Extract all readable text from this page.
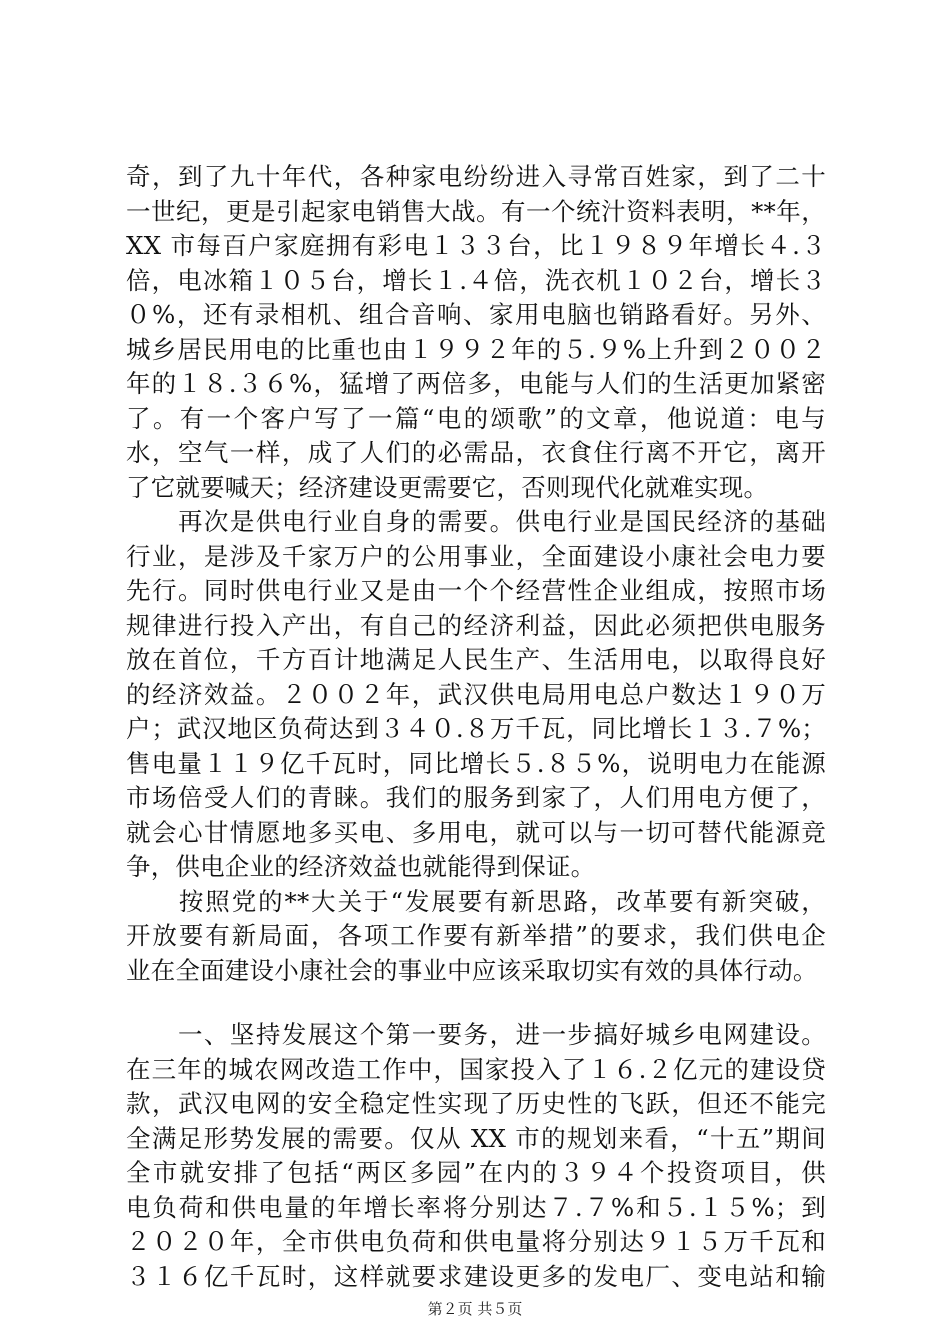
奇，到了九十年代，各种家电纷纷进入寻常百姓家，到了二十
一世纪，更是引起家电销售大战。有一个统汁资料表明，**年，
XX 市每百户家庭拥有彩电１３３台，比１９８９年增长４.３
倍，电冰箱１０５台，增长１.４倍，洗衣机１０２台，增长３
０%，还有录相机、组合音响、家用电脑也销路看好。另外、
城乡居民用电的比重也由１９９２年的５.９%上升到２００２
年的１８.３６%，猛增了两倍多，电能与人们的生活更加紧密
了。有一个客户写了一篇“电的颂歌”的文章，他说道：电与
水，空气一样，成了人们的必需品，衣食住行离不开它，离开
了它就要喊天；经济建设更需要它，否则现代化就难实现。
　　再次是供电行业自身的需要。供电行业是国民经济的基础
行业，是涉及千家万户的公用事业，全面建设小康社会电力要
先行。同时供电行业又是由一个个经营性企业组成，按照市场
规律进行投入产出，有自己的经济利益，因此必须把供电服务
放在首位，千方百计地满足人民生产、生活用电，以取得良好
的经济效益。２００２年，武汉供电局用电总户数达１９０万
户；武汉地区负荷达到３４０.８万千瓦，同比增长１３.７%；
售电量１１９亿千瓦时，同比增长５.８５%，说明电力在能源
市场倍受人们的青睐。我们的服务到家了，人们用电方便了，
就会心甘情愿地多买电、多用电，就可以与一切可替代能源竞
争，供电企业的经济效益也就能得到保证。
　　按照党的**大关于“发展要有新思路，改革要有新突破，
开放要有新局面，各项工作要有新举措”的要求，我们供电企
业在全面建设小康社会的事业中应该采取切实有效的具体行动。
　　一、坚持发展这个第一要务，进一步搞好城乡电网建设。
在三年的城农网改造工作中，国家投入了１６.２亿元的建设贷
款，武汉电网的安全稳定性实现了历史性的飞跃，但还不能完
全满足形势发展的需要。仅从 XX 市的规划来看，“十五”期间
全市就安排了包括“两区多园”在内的３９４个投资项目，供
电负荷和供电量的年增长率将分别达７.７%和５.１５%；到
２０２０年，全市供电负荷和供电量将分别达９１５万千瓦和
３１６亿千瓦时，这样就要求建设更多的发电厂、变电站和输
第２页 共５页
